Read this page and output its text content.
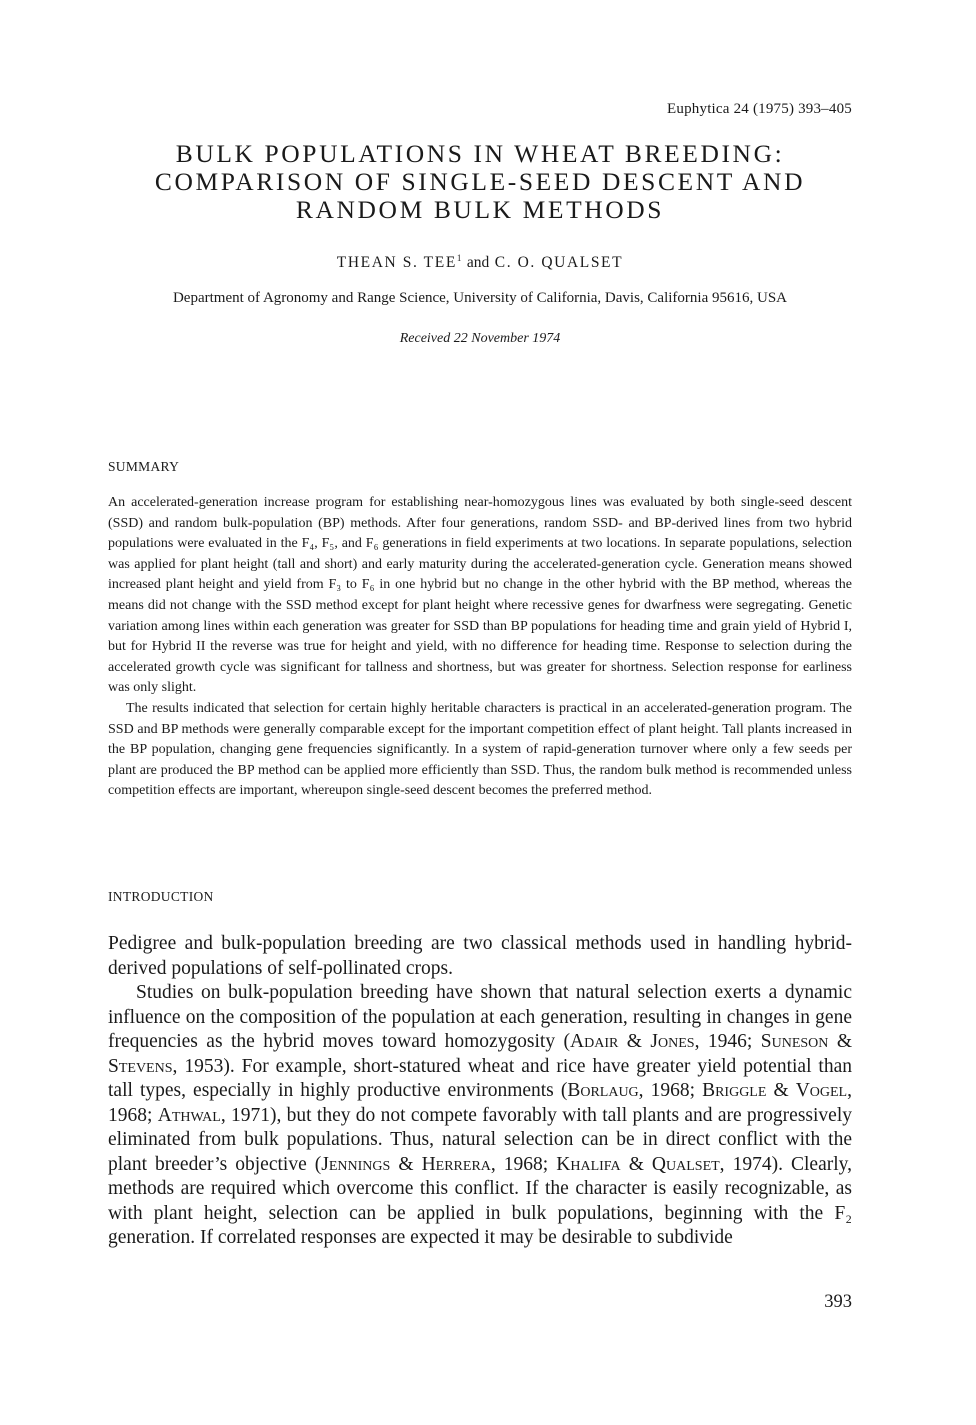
Euphytica 24 (1975) 393–405
BULK POPULATIONS IN WHEAT BREEDING:
COMPARISON OF SINGLE-SEED DESCENT AND
RANDOM BULK METHODS
THEAN S. TEE$^1$ and C. O. QUALSET
Department of Agronomy and Range Science, University of California, Davis, California 95616, USA
Received 22 November 1974
SUMMARY

An accelerated-generation increase program for establishing near-homozygous lines was evaluated by both single-seed descent (SSD) and random bulk-population (BP) methods. After four generations, random SSD- and BP-derived lines from two hybrid populations were evaluated in the F₄, F₅, and F₆ generations in field experiments at two locations. In separate populations, selection was applied for plant height (tall and short) and early maturity during the accelerated-generation cycle. Generation means showed increased plant height and yield from F₃ to F₆ in one hybrid but no change in the other hybrid with the BP method, whereas the means did not change with the SSD method except for plant height where recessive genes for dwarfness were segregating. Genetic variation among lines within each generation was greater for SSD than BP populations for heading time and grain yield of Hybrid I, but for Hybrid II the reverse was true for height and yield, with no difference for heading time. Response to selection during the accelerated growth cycle was significant for tallness and shortness, but was greater for shortness. Selection response for earliness was only slight.

The results indicated that selection for certain highly heritable characters is practical in an accelerated-generation program. The SSD and BP methods were generally comparable except for the important competition effect of plant height. Tall plants increased in the BP population, changing gene frequencies significantly. In a system of rapid-generation turnover where only a few seeds per plant are produced the BP method can be applied more efficiently than SSD. Thus, the random bulk method is recommended unless competition effects are important, whereupon single-seed descent becomes the preferred method.

INTRODUCTION

Pedigree and bulk-population breeding are two classical methods used in handling hybrid-derived populations of self-pollinated crops.

Studies on bulk-population breeding have shown that natural selection exerts a dynamic influence on the composition of the population at each generation, resulting in changes in gene frequencies as the hybrid moves toward homozygosity (Adair & Jones, 1946; Suneson & Stevens, 1953). For example, short-statured wheat and rice have greater yield potential than tall types, especially in highly productive environments (Borlaug, 1968; Briggle & Vogel, 1968; Athwal, 1971), but they do not compete favorably with tall plants and are progressively eliminated from bulk populations. Thus, natural selection can be in direct conflict with the plant breeder’s objective (Jennings & Herrera, 1968; Khalifa & Qualset, 1974). Clearly, methods are required which overcome this conflict. If the character is easily recognizable, as with plant height, selection can be applied in bulk populations, beginning with the F₂ generation. If correlated responses are expected it may be desirable to subdivide

393
